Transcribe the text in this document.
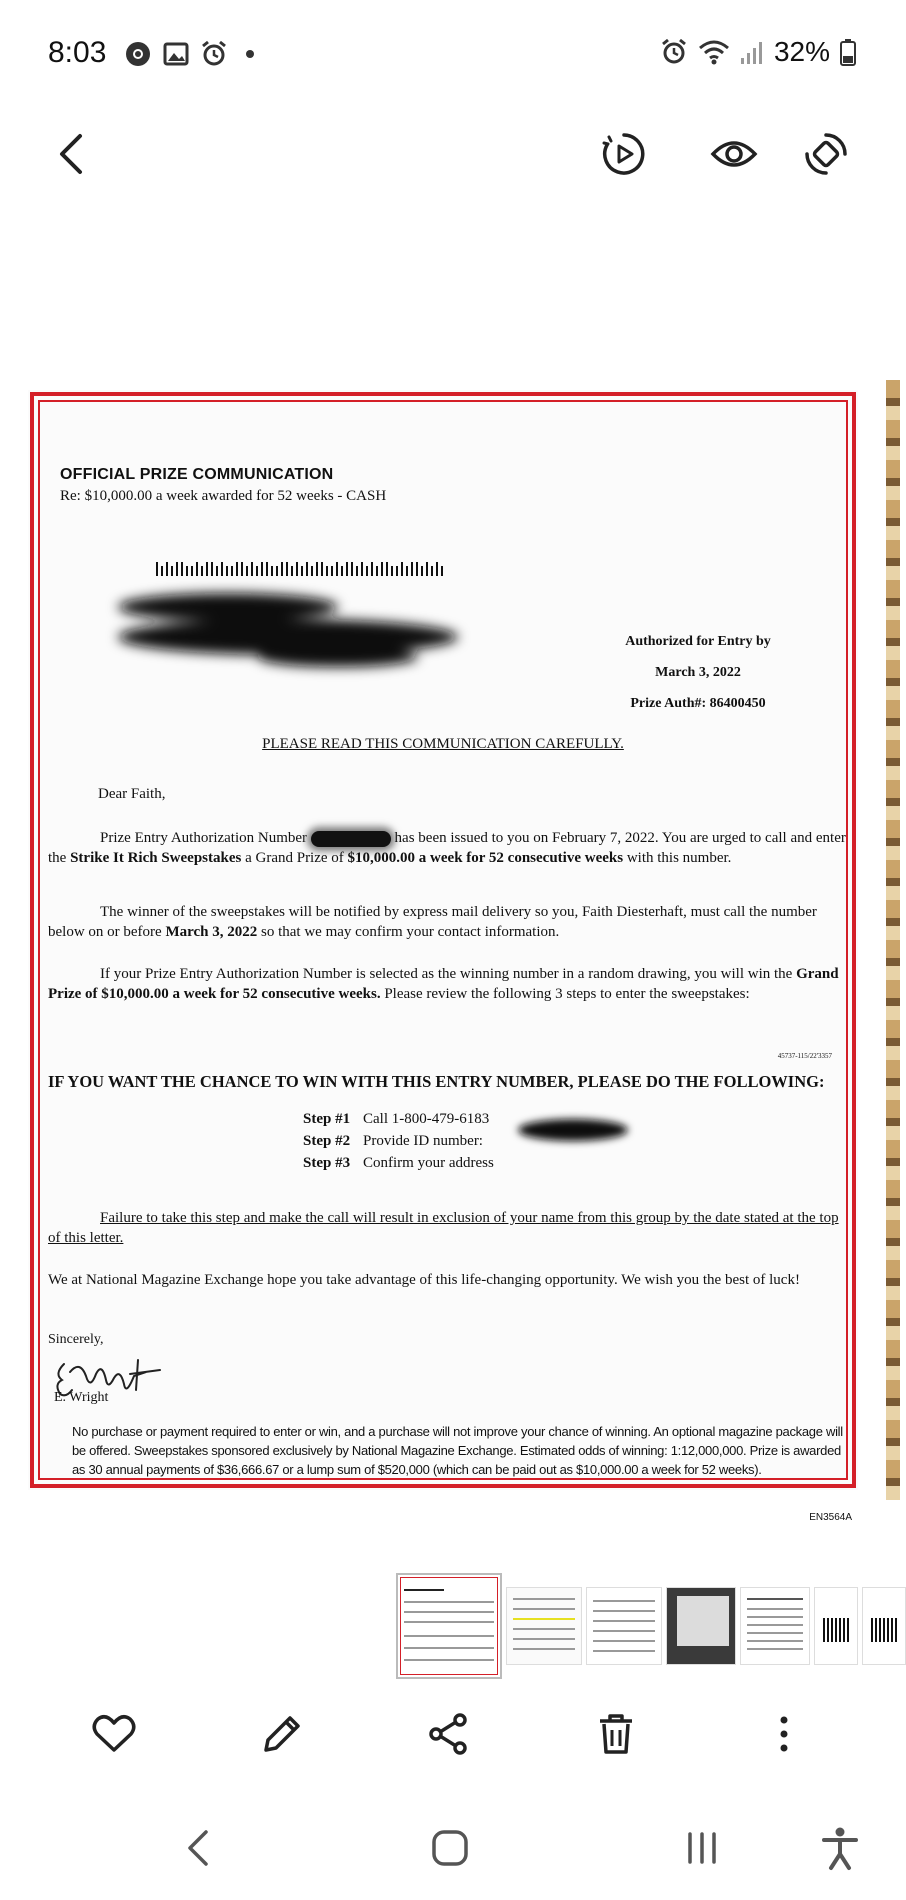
8:03	32%
OFFICIAL PRIZE COMMUNICATION
Re: $10,000.00 a week awarded for 52 weeks - CASH
Authorized for Entry by
March 3, 2022
Prize Auth#: 86400450
PLEASE READ THIS COMMUNICATION CAREFULLY.
Dear Faith,
Prize Entry Authorization Number	has been issued to you on February 7, 2022. You are urged to call and enter the Strike It Rich Sweepstakes a Grand Prize of $10,000.00 a week for 52 consecutive weeks with this number.
The winner of the sweepstakes will be notified by express mail delivery so you, Faith Diesterhaft, must call the number below on or before March 3, 2022 so that we may confirm your contact information.
If your Prize Entry Authorization Number is selected as the winning number in a random drawing, you will win the Grand Prize of $10,000.00 a week for 52 consecutive weeks. Please review the following 3 steps to enter the sweepstakes:
45737-115/22'3357
IF YOU WANT THE CHANCE TO WIN WITH THIS ENTRY NUMBER, PLEASE DO THE FOLLOWING:
Step #1 Call 1-800-479-6183
Step #2 Provide ID number:
Step #3 Confirm your address
Failure to take this step and make the call will result in exclusion of your name from this group by the date stated at the top of this letter.
We at National Magazine Exchange hope you take advantage of this life-changing opportunity. We wish you the best of luck!
Sincerely,
E. Wright
No purchase or payment required to enter or win, and a purchase will not improve your chance of winning. An optional magazine package will be offered. Sweepstakes sponsored exclusively by National Magazine Exchange. Estimated odds of winning: 1:12,000,000. Prize is awarded as 30 annual payments of $36,666.67 or a lump sum of $520,000 (which can be paid out as $10,000.00 a week for 52 weeks).
EN3564A
